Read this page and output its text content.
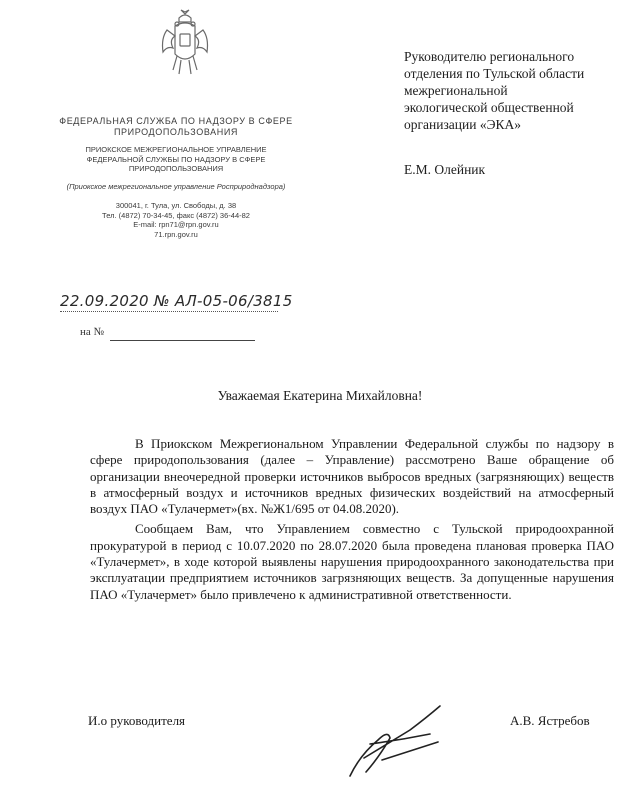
ФЕДЕРАЛЬНАЯ СЛУЖБА ПО НАДЗОРУ В СФЕРЕ ПРИРОДОПОЛЬЗОВАНИЯ
ПРИОКСКОЕ МЕЖРЕГИОНАЛЬНОЕ УПРАВЛЕНИЕ ФЕДЕРАЛЬНОЙ СЛУЖБЫ ПО НАДЗОРУ В СФЕРЕ ПРИРОДОПОЛЬЗОВАНИЯ
(Приокское межрегиональное управление Росприроднадзора)
300041, г. Тула, ул. Свободы, д. 38
Тел. (4872) 70-34-45, факс (4872) 36-44-82
E-mail: rpn71@rpn.gov.ru
71.rpn.gov.ru
22.09.2020 № АЛ-05-06/3815
на №
Руководителю регионального
отделения по Тульской области
межрегиональной
экологической общественной
организации «ЭКА»
Е.М. Олейник
Уважаемая Екатерина Михайловна!

В Приокском Межрегиональном Управлении Федеральной службы по надзору в сфере природопользования (далее – Управление) рассмотрено Ваше обращение об организации внеочередной проверки источников выбросов вредных (загрязняющих) веществ в атмосферный воздух и источников вредных физических воздействий на атмосферный воздух ПАО «Тулачермет»(вх. №Ж1/695 от 04.08.2020).

Сообщаем Вам, что Управлением совместно с Тульской природоохранной прокуратурой в период с 10.07.2020 по 28.07.2020 была проведена плановая проверка ПАО «Тулачермет», в ходе которой выявлены нарушения природоохранного законодательства при эксплуатации предприятием источников загрязняющих веществ. За допущенные нарушения ПАО «Тулачермет» было привлечено к административной ответственности.

И.о руководителя	А.В. Ястребов
